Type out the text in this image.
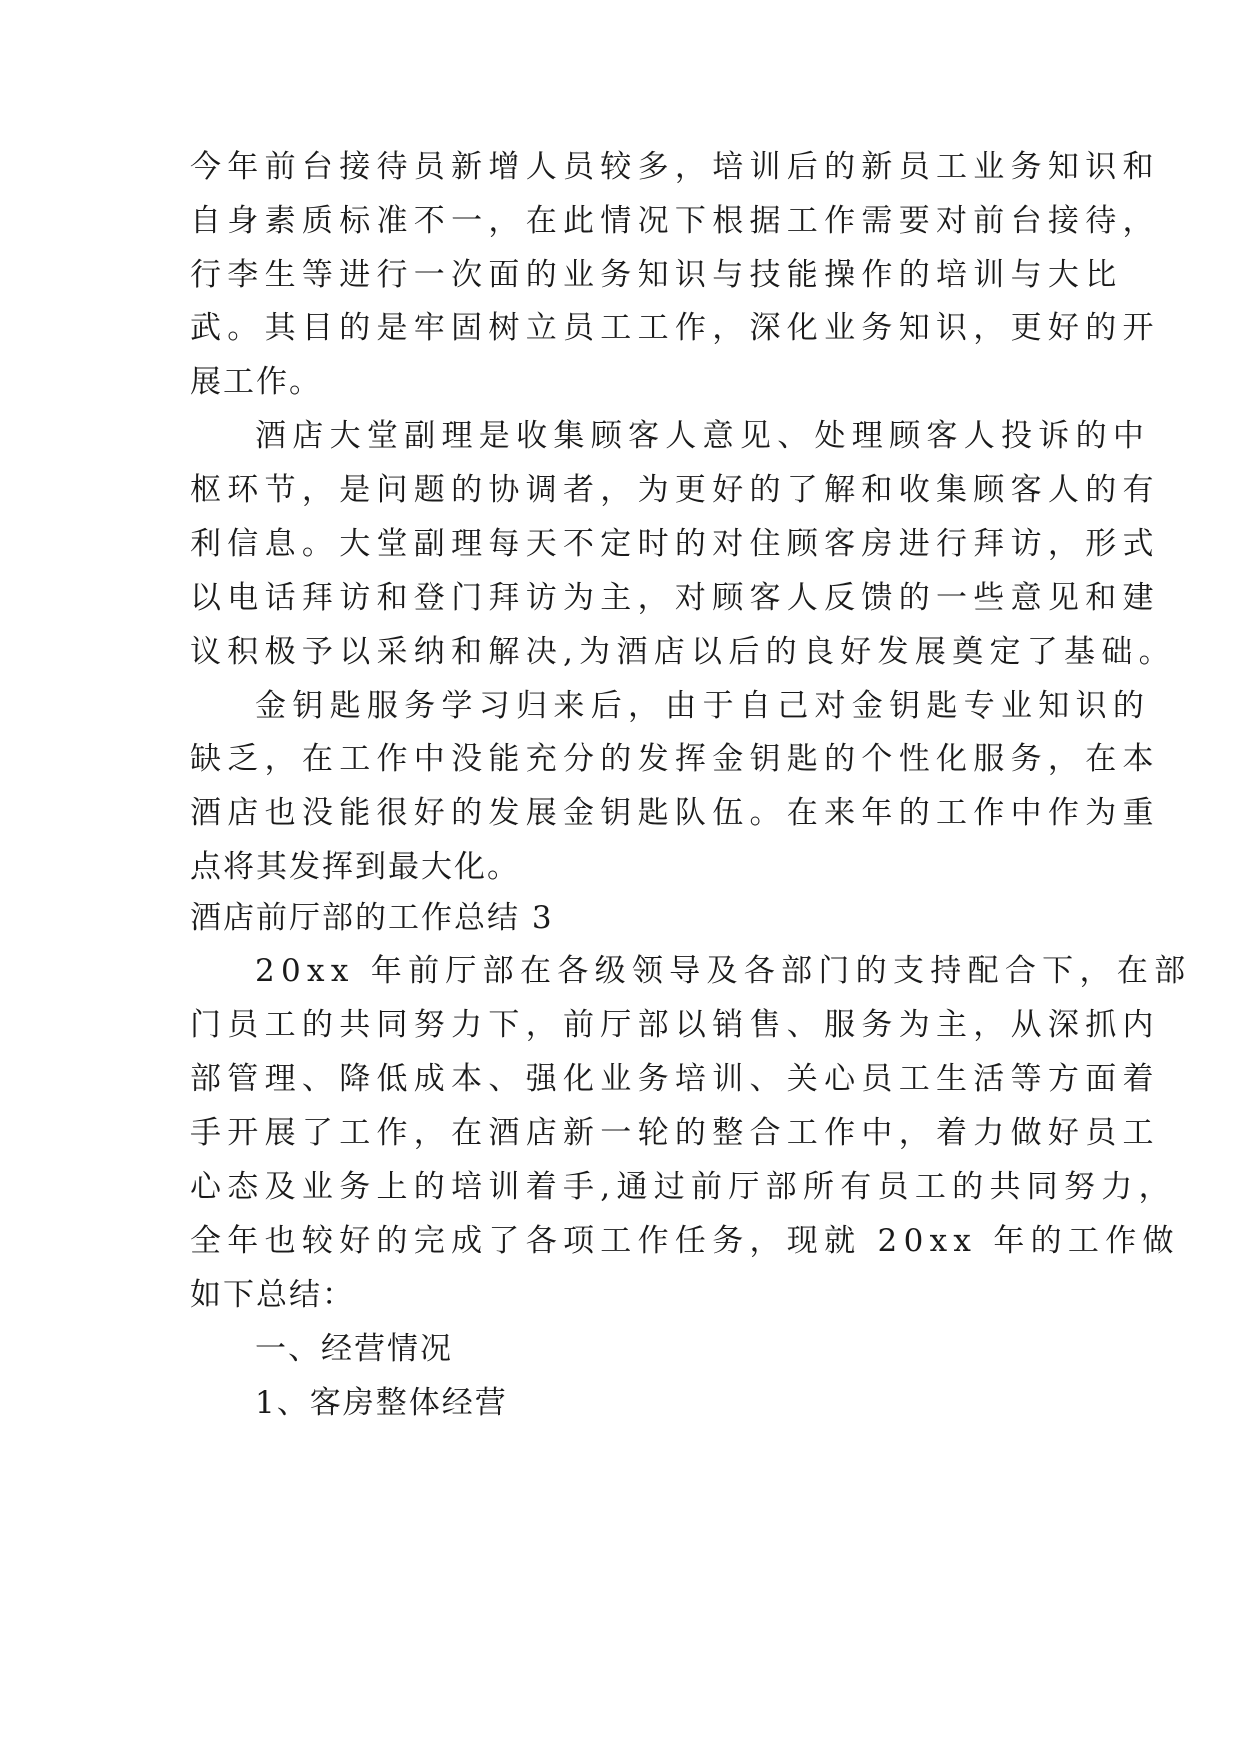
今年前台接待员新增人员较多，培训后的新员工业务知识和
自身素质标准不一，在此情况下根据工作需要对前台接待，
行李生等进行一次面的业务知识与技能操作的培训与大比
武。其目的是牢固树立员工工作，深化业务知识，更好的开
展工作。
酒店大堂副理是收集顾客人意见、处理顾客人投诉的中
枢环节，是问题的协调者，为更好的了解和收集顾客人的有
利信息。大堂副理每天不定时的对住顾客房进行拜访，形式
以电话拜访和登门拜访为主，对顾客人反馈的一些意见和建
议积极予以采纳和解决,为酒店以后的良好发展奠定了基础。
金钥匙服务学习归来后，由于自己对金钥匙专业知识的
缺乏，在工作中没能充分的发挥金钥匙的个性化服务，在本
酒店也没能很好的发展金钥匙队伍。在来年的工作中作为重
点将其发挥到最大化。
酒店前厅部的工作总结 3
20xx 年前厅部在各级领导及各部门的支持配合下，在部
门员工的共同努力下，前厅部以销售、服务为主，从深抓内
部管理、降低成本、强化业务培训、关心员工生活等方面着
手开展了工作，在酒店新一轮的整合工作中，着力做好员工
心态及业务上的培训着手,通过前厅部所有员工的共同努力，
全年也较好的完成了各项工作任务，现就 20xx 年的工作做
如下总结：
一、经营情况
1、客房整体经营
